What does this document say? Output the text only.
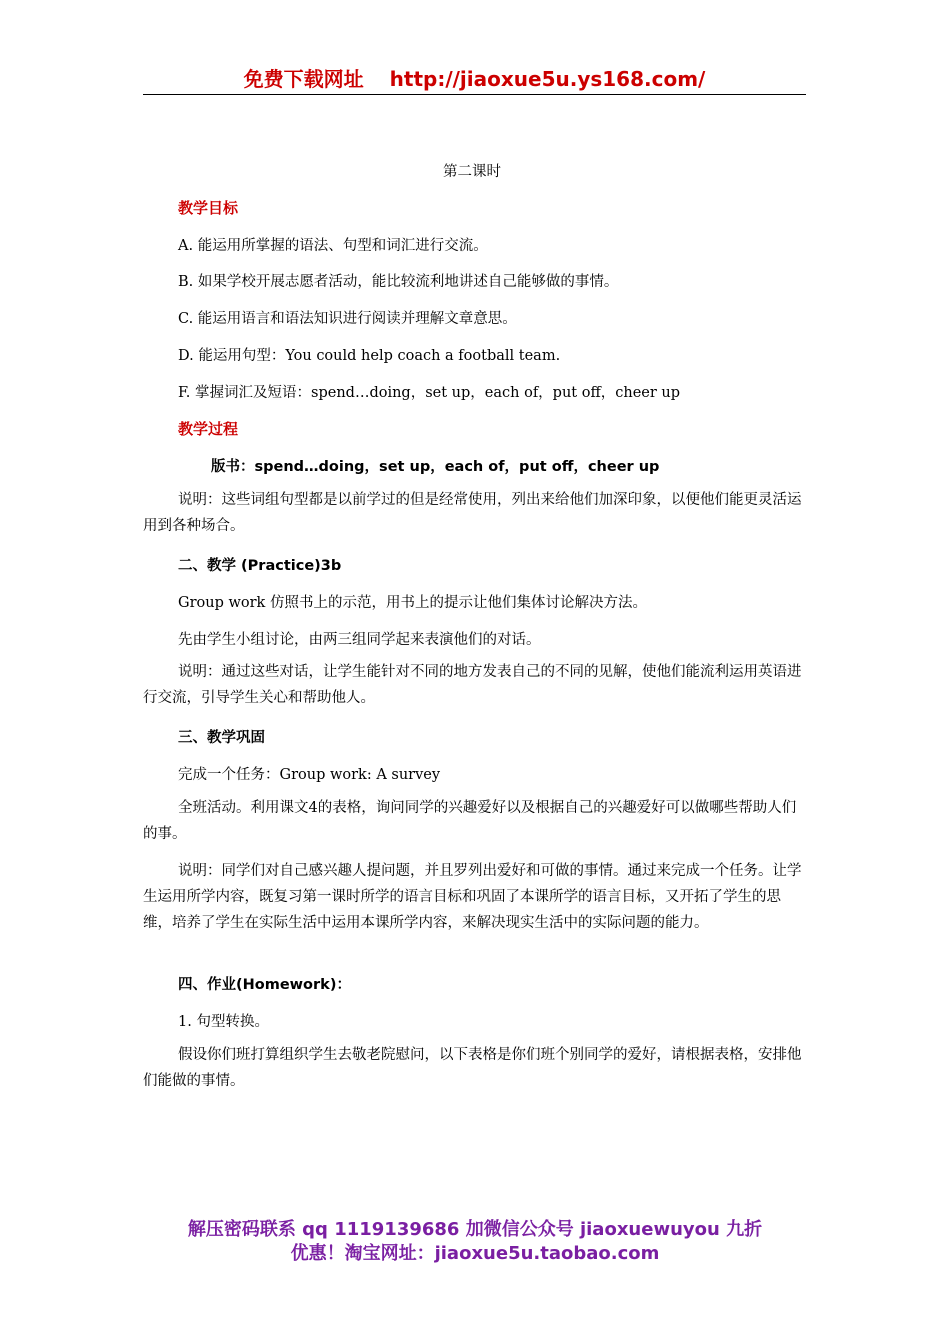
免费下载网址 http://jiaoxue5u.ys168.com/
第二课时
教学目标
A. 能运用所掌握的语法、句型和词汇进行交流。
B. 如果学校开展志愿者活动，能比较流利地讲述自己能够做的事情。
C. 能运用语言和语法知识进行阅读并理解文章意思。
D. 能运用句型：You could help coach a football team.
F. 掌握词汇及短语：spend…doing，set up，each of，put off，cheer up
教学过程
版书：spend…doing，set up，each of，put off，cheer up
说明：这些词组句型都是以前学过的但是经常使用，列出来给他们加深印象，以便他们能更灵活运用到各种场合。
二、教学 (Practice)3b
Group work 仿照书上的示范，用书上的提示让他们集体讨论解决方法。
先由学生小组讨论，由两三组同学起来表演他们的对话。
说明：通过这些对话，让学生能针对不同的地方发表自己的不同的见解，使他们能流利运用英语进行交流，引导学生关心和帮助他人。
三、教学巩固
完成一个任务：Group work: A survey
全班活动。利用课文4的表格，询问同学的兴趣爱好以及根据自己的兴趣爱好可以做哪些帮助人们的事。
说明：同学们对自己感兴趣人提问题，并且罗列出爱好和可做的事情。通过来完成一个任务。让学生运用所学内容，既复习第一课时所学的语言目标和巩固了本课所学的语言目标，又开拓了学生的思维，培养了学生在实际生活中运用本课所学内容，来解决现实生活中的实际问题的能力。
四、作业(Homework)：
1. 句型转换。
假设你们班打算组织学生去敬老院慰问，以下表格是你们班个别同学的爱好，请根据表格，安排他们能做的事情。
解压密码联系 qq 1119139686 加微信公众号 jiaoxuewuyou 九折
优惠！淘宝网址：jiaoxue5u.taobao.com
